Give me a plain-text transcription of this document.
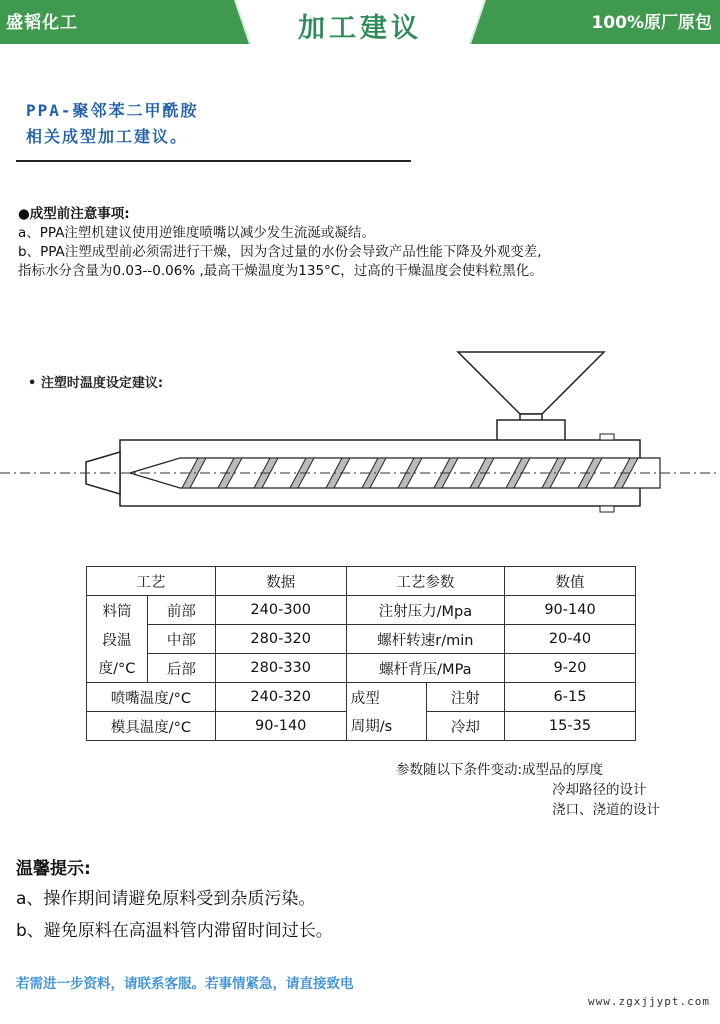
盛韬化工	加工建议	100%原厂原包
PPA-聚邻苯二甲酰胺
相关成型加工建议。
●成型前注意事项:
a、PPA注塑机建议使用逆锥度喷嘴以减少发生流涎或凝结。
b、PPA注塑成型前必须需进行干燥，因为含过量的水份会导致产品性能下降及外观变差,
指标水分含量为0.03--0.06% ,最高干燥温度为135°C，过高的干燥温度会使料粒黑化。
• 注塑时温度设定建议:
工艺		数据	工艺参数		数值
料筒	前部	240-300	注射压力/Mpa		90-140
段温	中部	280-320	螺杆转速r/min		20-40
度/°C	后部	280-330	螺杆背压/MPa		9-20
喷嘴温度/°C		240-320	成型	注射	6-15
模具温度/°C		90-140	周期/s	冷却	15-35
参数随以下条件变动:成型品的厚度
冷却路径的设计
浇口、浇道的设计
温馨提示:
a、操作期间请避免原料受到杂质污染。
b、避免原料在高温料管内滞留时间过长。
若需进一步资料，请联系客服。若事情紧急，请直接致电
www.zgxjjypt.com
